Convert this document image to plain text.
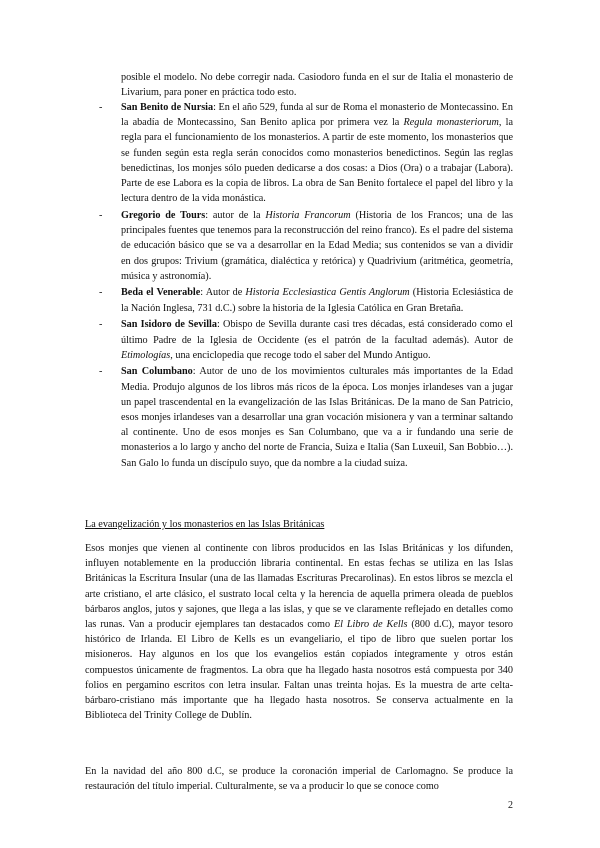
posible el modelo. No debe corregir nada. Casiodoro funda en el sur de Italia el monasterio de Livarium, para poner en práctica todo esto.
- San Benito de Nursia: En el año 529, funda al sur de Roma el monasterio de Montecassino. En la abadía de Montecassino, San Benito aplica por primera vez la Regula monasteriorum, la regla para el funcionamiento de los monasterios. A partir de este momento, los monasterios que se funden según esta regla serán conocidos como monasterios benedictinos. Según las reglas benedictinas, los monjes sólo pueden dedicarse a dos cosas: a Dios (Ora) o a trabajar (Labora). Parte de ese Labora es la copia de libros. La obra de San Benito fortalece el papel del libro y la lectura dentro de la vida monástica.
- Gregorio de Tours: autor de la Historia Francorum (Historia de los Francos; una de las principales fuentes que tenemos para la reconstrucción del reino franco). Es el padre del sistema de educación básico que se va a desarrollar en la Edad Media; sus contenidos se van a dividir en dos grupos: Trivium (gramática, dialéctica y retórica) y Quadrivium (aritmética, geometría, música y astronomía).
- Beda el Venerable: Autor de Historia Ecclesiastica Gentis Anglorum (Historia Eclesiástica de la Nación Inglesa, 731 d.C.) sobre la historia de la Iglesia Católica en Gran Bretaña.
- San Isidoro de Sevilla: Obispo de Sevilla durante casi tres décadas, está considerado como el último Padre de la Iglesia de Occidente (es el patrón de la facultad además). Autor de Etimologías, una enciclopedia que recoge todo el saber del Mundo Antiguo.
- San Columbano: Autor de uno de los movimientos culturales más importantes de la Edad Media. Produjo algunos de los libros más ricos de la época. Los monjes irlandeses van a jugar un papel trascendental en la evangelización de las Islas Británicas. De la mano de San Patricio, esos monjes irlandeses van a desarrollar una gran vocación misionera y van a terminar saltando al continente. Uno de esos monjes es San Columbano, que va a ir fundando una serie de monasterios a lo largo y ancho del norte de Francia, Suiza e Italia (San Luxeuil, San Bobbio…). San Galo lo funda un discípulo suyo, que da nombre a la ciudad suiza.
La evangelización y los monasterios en las Islas Británicas
Esos monjes que vienen al continente con libros producidos en las Islas Británicas y los difunden, influyen notablemente en la producción libraria continental. En estas fechas se utiliza en las Islas Británicas la Escritura Insular (una de las llamadas Escrituras Precarolinas). En estos libros se mezcla el arte cristiano, el arte clásico, el sustrato local celta y la herencia de aquella primera oleada de pueblos bárbaros anglos, jutos y sajones, que llega a las islas, y que se ve claramente reflejado en detalles como las runas. Van a producir ejemplares tan destacados como El Libro de Kells (800 d.C), mayor tesoro histórico de Irlanda. El Libro de Kells es un evangeliario, el tipo de libro que suelen portar los misioneros. Hay algunos en los que los evangelios están copiados íntegramente y otros están compuestos únicamente de fragmentos. La obra que ha llegado hasta nosotros está compuesta por 340 folios en pergamino escritos con letra insular. Faltan unas treinta hojas. Es la muestra de arte celta-bárbaro-cristiano más importante que ha llegado hasta nosotros. Se conserva actualmente en la Biblioteca del Trinity College de Dublín.
En la navidad del año 800 d.C, se produce la coronación imperial de Carlomagno. Se produce la restauración del título imperial. Culturalmente, se va a producir lo que se conoce como
2
